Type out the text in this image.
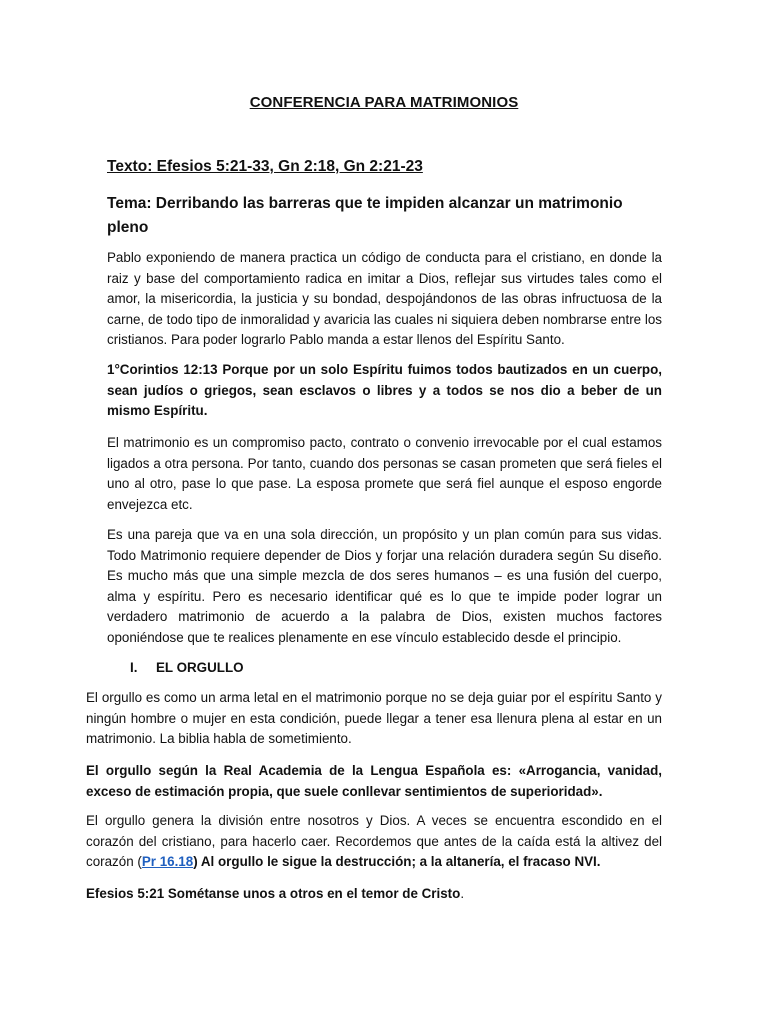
CONFERENCIA PARA MATRIMONIOS
Texto: Efesios 5:21-33, Gn 2:18, Gn 2:21-23
Tema: Derribando las barreras que te impiden alcanzar un matrimonio pleno
Pablo exponiendo de manera practica un código de conducta para el cristiano, en donde la raiz y base del comportamiento radica en imitar a Dios, reflejar sus virtudes tales como el amor, la misericordia, la justicia y su bondad, despojándonos de las obras infructuosa de la carne, de todo tipo de inmoralidad y avaricia las cuales ni siquiera deben nombrarse entre los cristianos. Para poder lograrlo Pablo manda a estar llenos del Espíritu Santo.
1°Corintios 12:13 Porque por un solo Espíritu fuimos todos bautizados en un cuerpo, sean judíos o griegos, sean esclavos o libres y a todos se nos dio a beber de un mismo Espíritu.
El matrimonio es un compromiso pacto, contrato o convenio irrevocable por el cual estamos ligados a otra persona. Por tanto, cuando dos personas se casan prometen que será fieles el uno al otro, pase lo que pase. La esposa promete que será fiel aunque el esposo engorde envejezca etc.
Es una pareja que va en una sola dirección, un propósito y un plan común para sus vidas. Todo Matrimonio requiere depender de Dios y forjar una relación duradera según Su diseño. Es mucho más que una simple mezcla de dos seres humanos – es una fusión del cuerpo, alma y espíritu. Pero es necesario identificar qué es lo que te impide poder lograr un verdadero matrimonio de acuerdo a la palabra de Dios, existen muchos factores oponiéndose que te realices plenamente en ese vínculo establecido desde el principio.
I. EL ORGULLO
El orgullo es como un arma letal en el matrimonio porque no se deja guiar por el espíritu Santo y ningún hombre o mujer en esta condición, puede llegar a tener esa llenura plena al estar en un matrimonio. La biblia habla de sometimiento.
El orgullo según la Real Academia de la Lengua Española es: «Arrogancia, vanidad, exceso de estimación propia, que suele conllevar sentimientos de superioridad».
El orgullo genera la división entre nosotros y Dios. A veces se encuentra escondido en el corazón del cristiano, para hacerlo caer. Recordemos que antes de la caída está la altivez del corazón (Pr 16.18) Al orgullo le sigue la destrucción; a la altanería, el fracaso NVI.
Efesios 5:21 Sométanse unos a otros en el temor de Cristo.
